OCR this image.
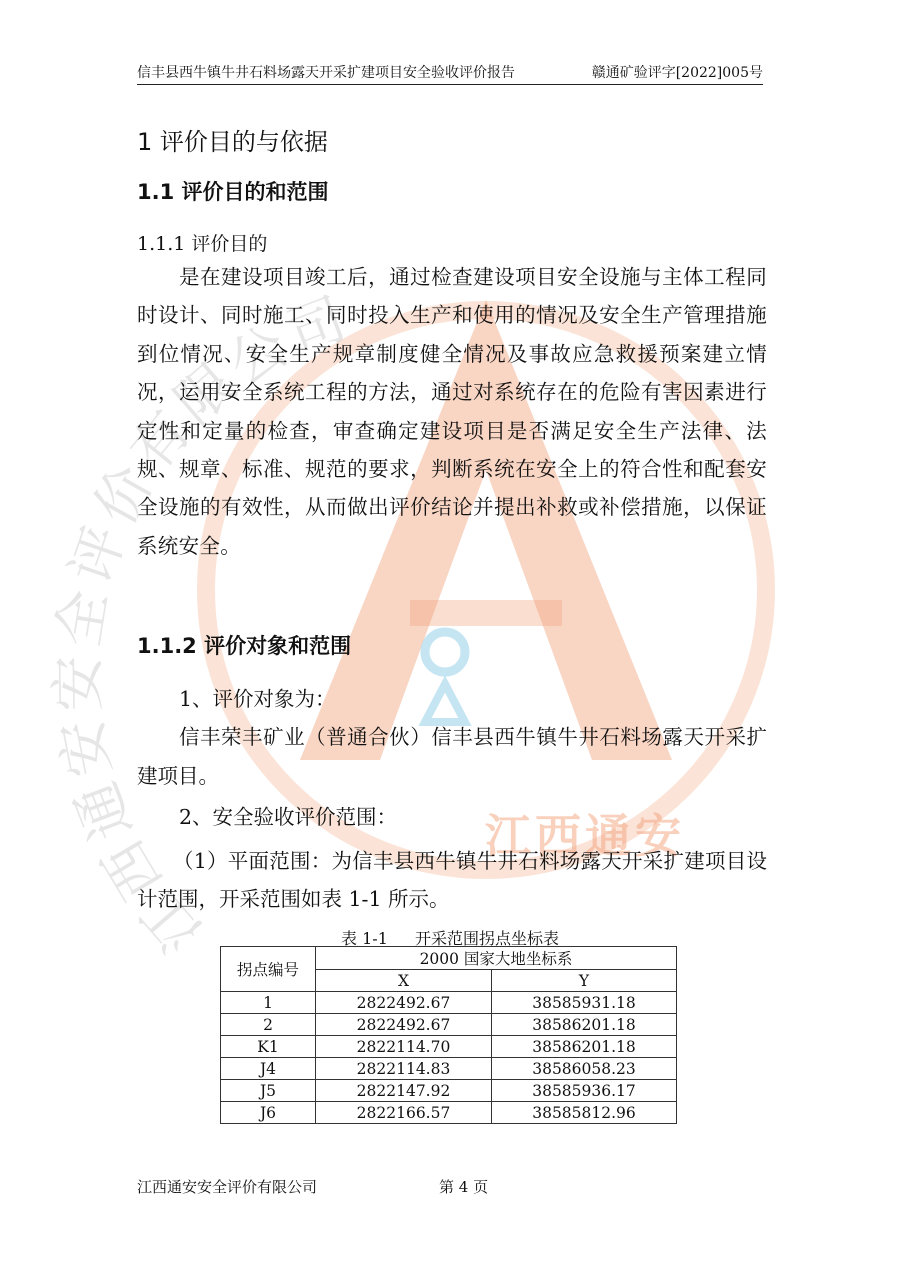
江西通安
江西通安安全评价有限公司
信丰县西牛镇牛井石料场露天开采扩建项目安全验收评价报告	赣通矿验评字[2022]005号
1 评价目的与依据
1.1 评价目的和范围
1.1.1 评价目的
是在建设项目竣工后，通过检查建设项目安全设施与主体工程同时设计、同时施工、同时投入生产和使用的情况及安全生产管理措施到位情况、安全生产规章制度健全情况及事故应急救援预案建立情况，运用安全系统工程的方法，通过对系统存在的危险有害因素进行定性和定量的检查，审查确定建设项目是否满足安全生产法律、法规、规章、标准、规范的要求，判断系统在安全上的符合性和配套安全设施的有效性，从而做出评价结论并提出补救或补偿措施，以保证系统安全。
1.1.2 评价对象和范围
1、评价对象为：
信丰荣丰矿业（普通合伙）信丰县西牛镇牛井石料场露天开采扩建项目。
2、安全验收评价范围：
（1）平面范围：为信丰县西牛镇牛井石料场露天开采扩建项目设计范围，开采范围如表 1-1 所示。
表 1-1 开采范围拐点坐标表
拐点编号	2000 国家大地坐标系	
	X	Y
1	2822492.67	38585931.18
2	2822492.67	38586201.18
K1	2822114.70	38586201.18
J4	2822114.83	38586058.23
J5	2822147.92	38585936.17
J6	2822166.57	38585812.96
江西通安安全评价有限公司	第 4 页
